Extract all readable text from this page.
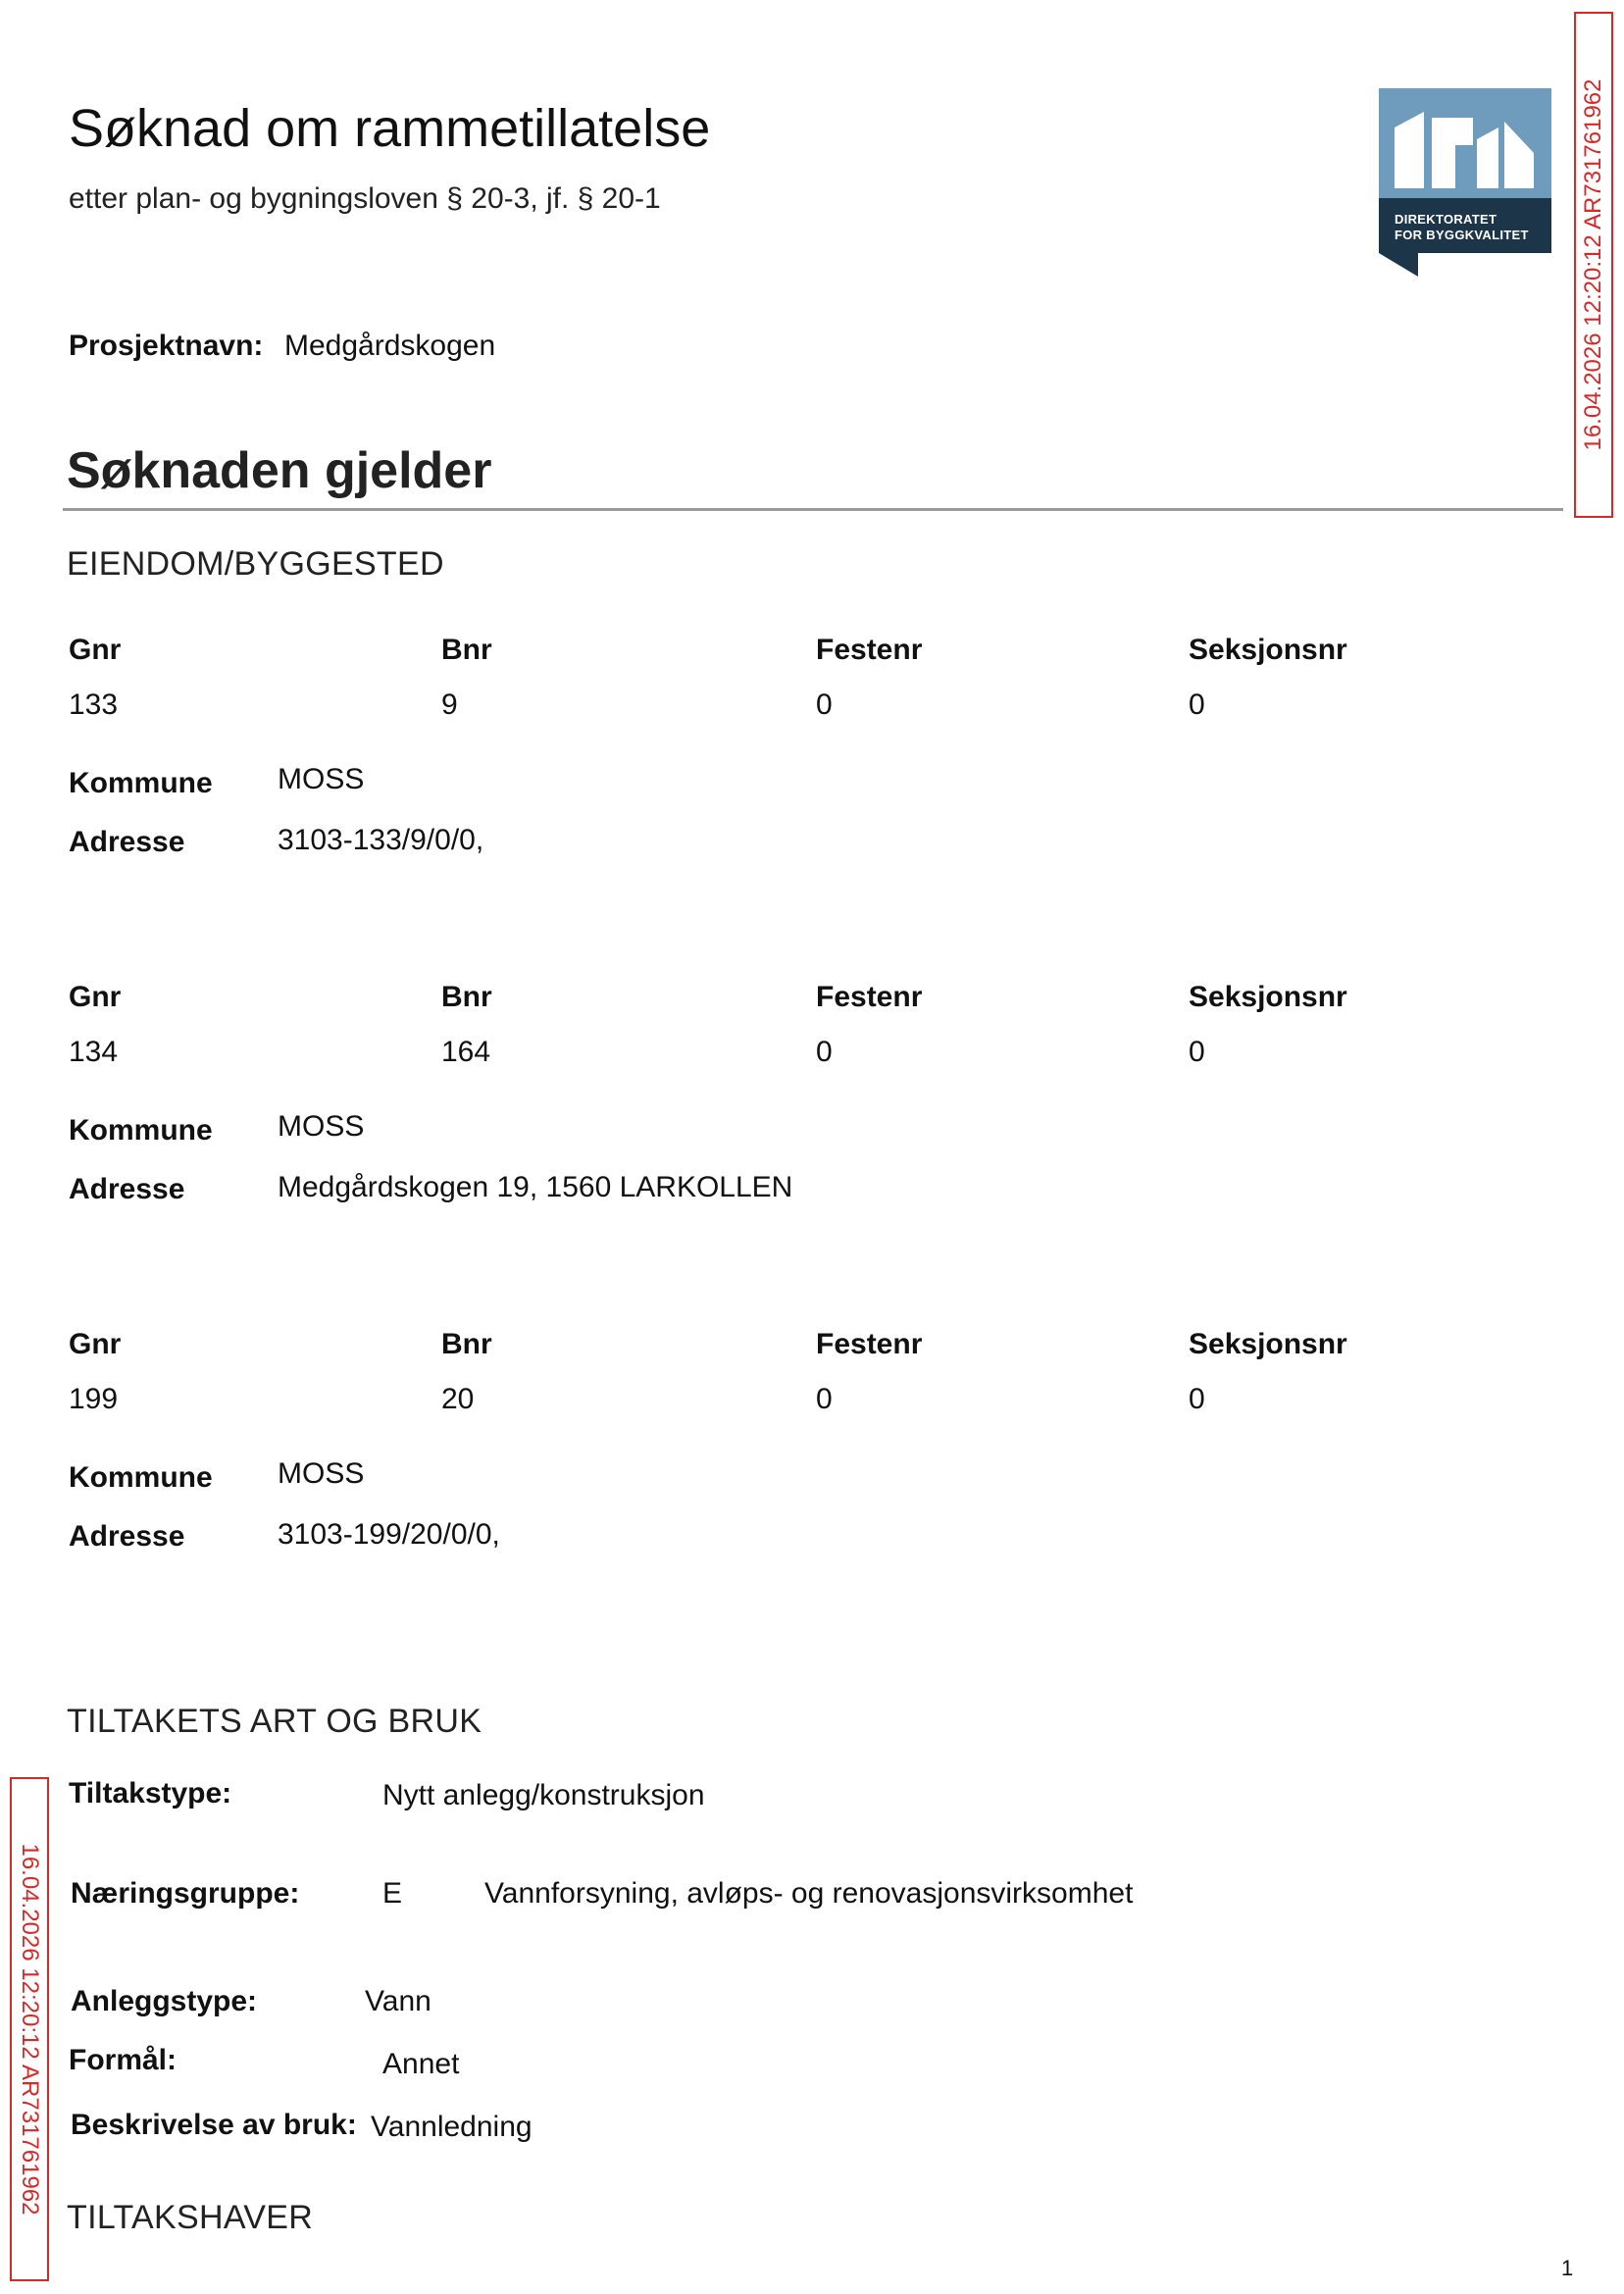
Søknad om rammetillatelse
etter plan- og bygningsloven § 20-3, jf. § 20-1
DIREKTORATET
FOR BYGGKVALITET 16.04.2026 12:20:12 AR731761962
Prosjektnavn: Medgårdskogen
Søknaden gjelder
EIENDOM/BYGGESTED
Gnr	Bnr	Festenr	Seksjonsnr
133	9	0	0
Kommune MOSS
Adresse	3103-133/9/0/0,
Gnr	Bnr	Festenr	Seksjonsnr
134	164	0	0
Kommune MOSS
Adresse	Medgårdskogen 19, 1560 LARKOLLEN
Gnr	Bnr	Festenr	Seksjonsnr
199	20	0	0
Kommune MOSS
Adresse	3103-199/20/0/0,
TILTAKETS ART OG BRUK
Tiltakstype:	Nytt anlegg/konstruksjon
Næringsgruppe:	E	Vannforsyning, avløps- og renovasjonsvirksomhet
Anleggstype:	Vann
Formål:	Annet
Beskrivelse av bruk: Vannledning
TILTAKSHAVER
16.04.2026 12:20:12 AR731761962
1
